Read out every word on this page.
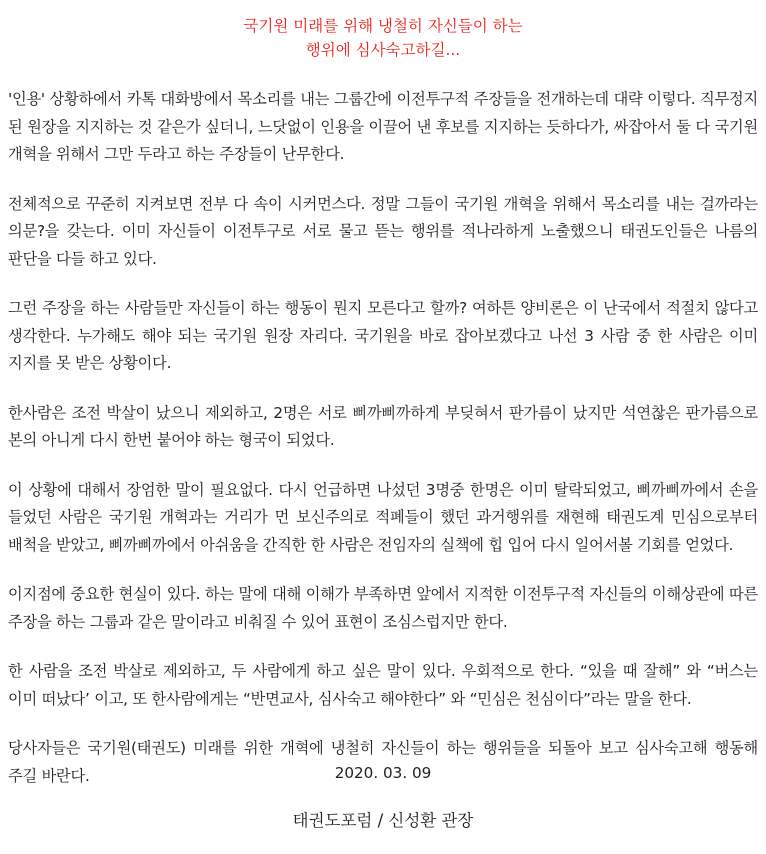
국기원 미래를 위해 냉철히 자신들이 하는
행위에 심사숙고하길...

'인용' 상황하에서 카톡 대화방에서 목소리를 내는 그룹간에 이전투구적 주장들을 전개하는데 대략 이렇다. 직무정지 된 원장을 지지하는 것 같은가 싶더니, 느닷없이 인용을 이끌어 낸 후보를 지지하는 듯하다가, 싸잡아서 둘 다 국기원 개혁을 위해서 그만 두라고 하는 주장들이 난무한다.

전체적으로 꾸준히 지켜보면 전부 다 속이 시커먼스다. 정말 그들이 국기원 개혁을 위해서 목소리를 내는 걸까라는 의문?을 갖는다. 이미 자신들이 이전투구로 서로 물고 뜯는 행위를 적나라하게 노출했으니 태권도인들은 나름의 판단을 다들 하고 있다.

그런 주장을 하는 사람들만 자신들이 하는 행동이 뭔지 모른다고 할까? 여하튼 양비론은 이 난국에서 적절치 않다고 생각한다. 누가해도 해야 되는 국기원 원장 자리다. 국기원을 바로 잡아보겠다고 나선 3 사람 중 한 사람은 이미 지지를 못 받은 상황이다.

한사람은 조전 박살이 났으니 제외하고, 2명은 서로 삐까삐까하게 부딪혀서 판가름이 났지만 석연찮은 판가름으로 본의 아니게 다시 한번 붙어야 하는 형국이 되었다.

이 상황에 대해서 장엄한 말이 필요없다. 다시 언급하면 나섰던 3명중 한명은 이미 탈락되었고, 삐까삐까에서 손을 들었던 사람은 국기원 개혁과는 거리가 먼 보신주의로 적폐들이 했던 과거행위를 재현해 태권도계 민심으로부터 배척을 받았고, 삐까삐까에서 아쉬움을 간직한 한 사람은 전임자의 실책에 힙 입어 다시 일어서볼 기회를 얻었다.

이지점에 중요한 현실이 있다. 하는 말에 대해 이해가 부족하면 앞에서 지적한 이전투구적 자신들의 이해상관에 따른 주장을 하는 그룹과 같은 말이라고 비춰질 수 있어 표현이 조심스럽지만 한다.

한 사람을 조전 박살로 제외하고, 두 사람에게 하고 싶은 말이 있다. 우회적으로 한다. “있을 때 잘해” 와 “버스는 이미 떠났다’ 이고, 또 한사람에게는 “반면교사, 심사숙고 해야한다” 와 “민심은 천심이다”라는 말을 한다.

당사자들은 국기원(태권도) 미래를 위한 개혁에 냉철히 자신들이 하는 행위들을 되돌아 보고 심사숙고해 행동해 주길 바란다.	2020. 03. 09
태권도포럼 / 신성환 관장
